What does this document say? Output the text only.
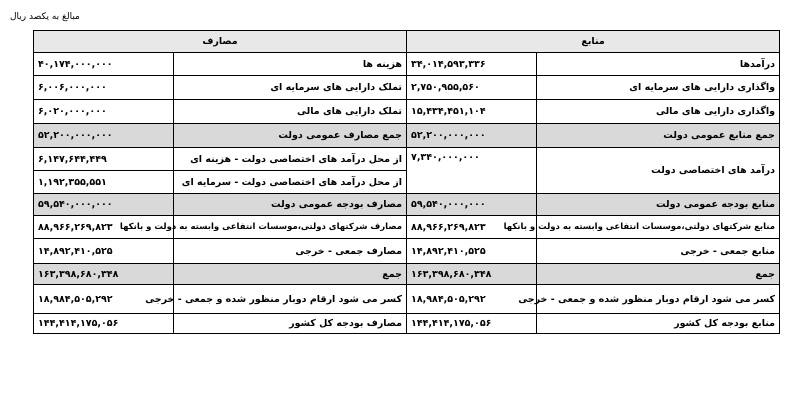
مبالغ به یکصد ریال
مصارف		منابع	
۴۰,۱۷۴,۰۰۰,۰۰۰	هزینه ها	۳۴,۰۱۴,۵۹۳,۳۳۶	درآمدها
۶,۰۰۶,۰۰۰,۰۰۰	تملک دارایی های سرمایه ای	۲,۷۵۰,۹۵۵,۵۶۰	واگذاری دارایی های سرمایه ای
۶,۰۲۰,۰۰۰,۰۰۰	تملک دارایی های مالی	۱۵,۴۳۴,۴۵۱,۱۰۴	واگذاری دارایی های مالی
۵۲,۲۰۰,۰۰۰,۰۰۰	جمع مصارف عمومی دولت	۵۲,۲۰۰,۰۰۰,۰۰۰	جمع منابع عمومی دولت
۶,۱۴۷,۶۴۴,۴۴۹	از محل درآمد های اختصاصی دولت - هزینه ای	۷,۳۴۰,۰۰۰,۰۰۰	درآمد های اختصاصی دولت
۱,۱۹۲,۳۵۵,۵۵۱	از محل درآمد های اختصاصی دولت - سرمایه ای		
۵۹,۵۴۰,۰۰۰,۰۰۰	مصارف بودجه عمومی دولت	۵۹,۵۴۰,۰۰۰,۰۰۰	منابع بودجه عمومی دولت
۸۸,۹۶۶,۲۶۹,۸۲۳	مصارف شرکتهای دولتی،موسسات انتفاعی وابسته به دولت و بانکها	۸۸,۹۶۶,۲۶۹,۸۲۳	منابع شرکتهای دولتی،موسسات انتفاعی وابسته به دولت و بانکها
۱۴,۸۹۲,۴۱۰,۵۲۵	مصارف جمعی - خرجی	۱۴,۸۹۲,۴۱۰,۵۲۵	منابع جمعی - خرجی
۱۶۳,۳۹۸,۶۸۰,۳۴۸	جمع	۱۶۳,۳۹۸,۶۸۰,۳۴۸	جمع
۱۸,۹۸۴,۵۰۵,۲۹۲	کسر می شود ارقام دوبار منظور شده و جمعی - خرجی	۱۸,۹۸۴,۵۰۵,۲۹۲	کسر می شود ارقام دوبار منظور شده و جمعی - خرجی
۱۴۴,۴۱۴,۱۷۵,۰۵۶	مصارف بودجه کل کشور	۱۴۴,۴۱۴,۱۷۵,۰۵۶	منابع بودجه کل کشور
